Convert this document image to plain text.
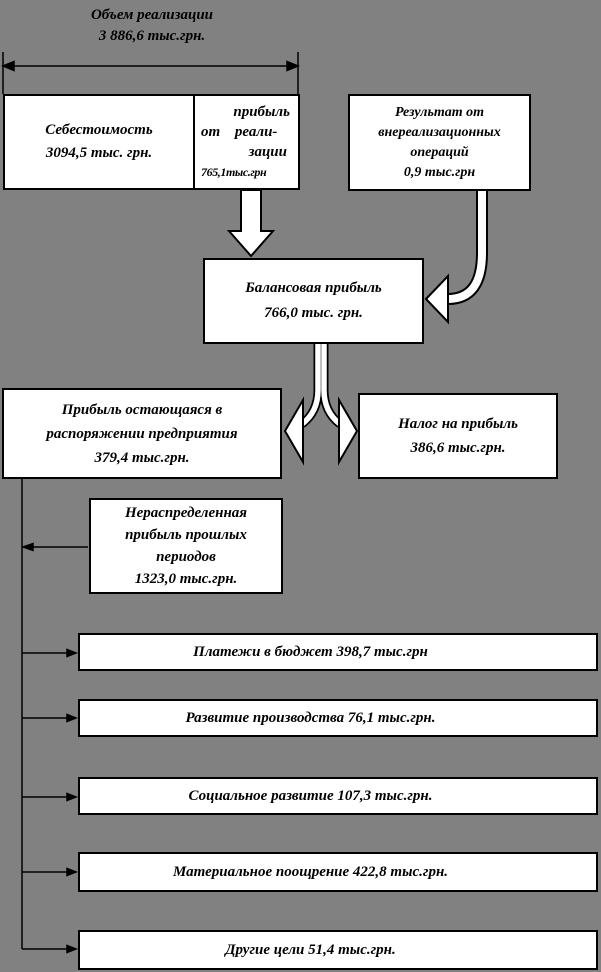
Объем реализации
3 886,6 тыс.грн.
Себестоимость
3094,5 тыс. грн.
прибыль
от реали-
зации
765,1тыс.грн
Результат от
внереализационных
операций
0,9 тыс.грн
Балансовая прибыль
766,0 тыс. грн.
Прибыль остающаяся в
распоряжении предприятия
379,4 тыс.грн.
Налог на прибыль
386,6 тыс.грн.
Нераспределенная
прибыль прошлых
периодов
1323,0 тыс.грн.
Платежи в бюджет 398,7 тыс.грн
Развитие производства 76,1 тыс.грн.
Социальное развитие 107,3 тыс.грн.
Материальное поощрение 422,8 тыс.грн.
Другие цели 51,4 тыс.грн.
